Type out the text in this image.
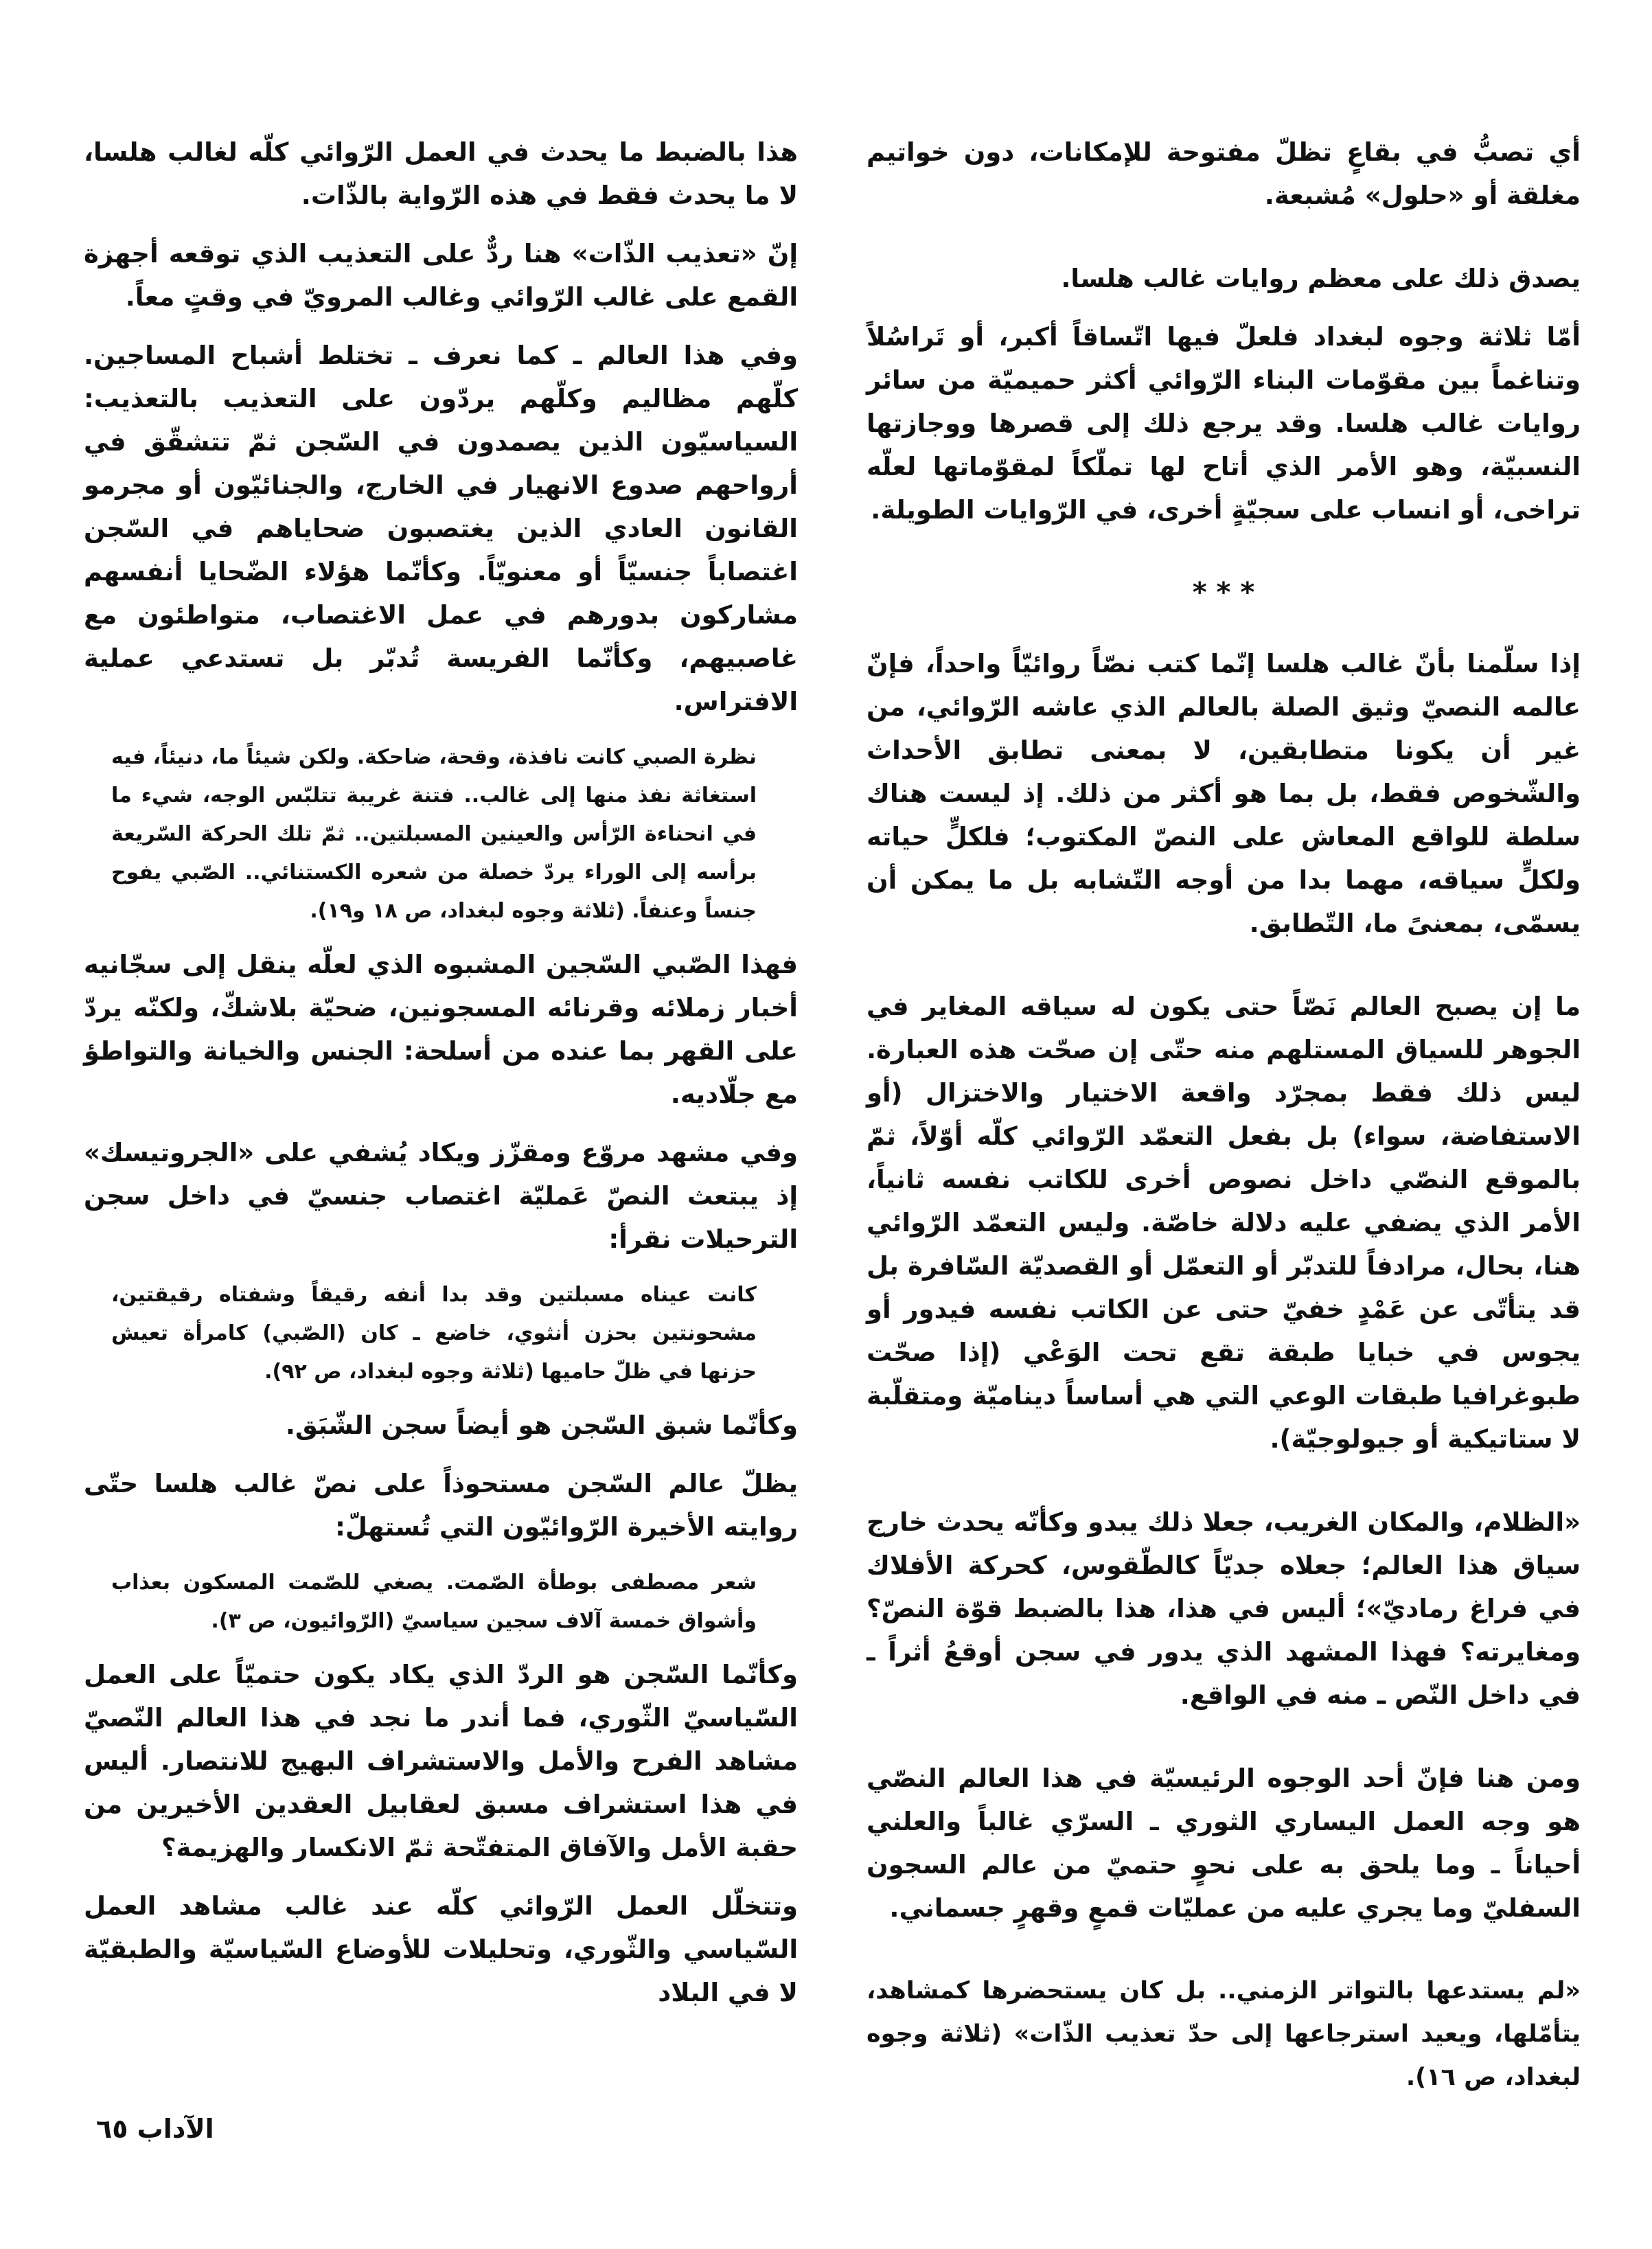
أي تصبُّ في بقاعٍ تظلّ مفتوحة للإمكانات، دون خواتيم مغلقة أو «حلول» مُشبعة.

يصدق ذلك على معظم روايات غالب هلسا.

أمّا ثلاثة وجوه لبغداد فلعلّ فيها اتّساقاً أكبر، أو تَراسُلاً وتناغماً بين مقوّمات البناء الرّوائي أكثر حميميّة من سائر روايات غالب هلسا. وقد يرجع ذلك إلى قصرها ووجازتها النسبيّة، وهو الأمر الذي أتاح لها تملّكاً لمقوّماتها لعلّه تراخى، أو انساب على سجيّةٍ أخرى، في الرّوايات الطويلة.

* * *

إذا سلّمنا بأنّ غالب هلسا إنّما كتب نصّاً روائيّاً واحداً، فإنّ عالمه النصيّ وثيق الصلة بالعالم الذي عاشه الرّوائي، من غير أن يكونا متطابقين، لا بمعنى تطابق الأحداث والشّخوص فقط، بل بما هو أكثر من ذلك. إذ ليست هناك سلطة للواقع المعاش على النصّ المكتوب؛ فلكلٍّ حياته ولكلٍّ سياقه، مهما بدا من أوجه التّشابه بل ما يمكن أن يسمّى، بمعنىً ما، التّطابق.

ما إن يصبح العالم نَصّاً حتى يكون له سياقه المغاير في الجوهر للسياق المستلهم منه حتّى إن صحّت هذه العبارة. ليس ذلك فقط بمجرّد واقعة الاختيار والاختزال (أو الاستفاضة، سواء) بل بفعل التعمّد الرّوائي كلّه أوّلاً، ثمّ بالموقع النصّي داخل نصوص أخرى للكاتب نفسه ثانياً، الأمر الذي يضفي عليه دلالة خاصّة. وليس التعمّد الرّوائي هنا، بحال، مرادفاً للتدبّر أو التعمّل أو القصديّة السّافرة بل قد يتأتّى عن عَمْدٍ خفيّ حتى عن الكاتب نفسه فيدور أو يجوس في خبايا طبقة تقع تحت الوَعْي (إذا صحّت طبوغرافيا طبقات الوعي التي هي أساساً ديناميّة ومتقلّبة لا ستاتيكية أو جيولوجيّة).

«الظلام، والمكان الغريب، جعلا ذلك يبدو وكأنّه يحدث خارج سياق هذا العالم؛ جعلاه جديّاً كالطّقوس، كحركة الأفلاك في فراغ رماديّ»؛ أليس في هذا، هذا بالضبط قوّة النصّ؟ ومغايرته؟ فهذا المشهد الذي يدور في سجن أوقعُ أثراً ـ في داخل النّص ـ منه في الواقع.

ومن هنا فإنّ أحد الوجوه الرئيسيّة في هذا العالم النصّي هو وجه العمل اليساري الثوري ـ السرّي غالباً والعلني أحياناً ـ وما يلحق به على نحوٍ حتميّ من عالم السجون السفليّ وما يجري عليه من عمليّات قمعٍ وقهرٍ جسماني.

«لم يستدعها بالتواتر الزمني.. بل كان يستحضرها كمشاهد، يتأمّلها، ويعيد استرجاعها إلى حدّ تعذيب الذّات» (ثلاثة وجوه لبغداد، ص ١٦).

هذا بالضبط ما يحدث في العمل الرّوائي كلّه لغالب هلسا، لا ما يحدث فقط في هذه الرّواية بالذّات.

إنّ «تعذيب الذّات» هنا ردٌّ على التعذيب الذي توقعه أجهزة القمع على غالب الرّوائي وغالب المرويّ في وقتٍ معاً.

وفي هذا العالم ـ كما نعرف ـ تختلط أشباح المساجين. كلّهم مظاليم وكلّهم يردّون على التعذيب بالتعذيب: السياسيّون الذين يصمدون في السّجن ثمّ تتشقّق في أرواحهم صدوع الانهيار في الخارج، والجنائيّون أو مجرمو القانون العادي الذين يغتصبون ضحاياهم في السّجن اغتصاباً جنسيّاً أو معنويّاً. وكأنّما هؤلاء الضّحايا أنفسهم مشاركون بدورهم في عمل الاغتصاب، متواطئون مع غاصبيهم، وكأنّما الفريسة تُدبّر بل تستدعي عملية الافتراس.

نظرة الصبي كانت نافذة، وقحة، ضاحكة. ولكن شيئاً ما، دنيئاً، فيه استغاثة نفذ منها إلى غالب.. فتنة غريبة تتلبّس الوجه، شيء ما في انحناءة الرّأس والعينين المسبلتين.. ثمّ تلك الحركة السّريعة برأسه إلى الوراء يردّ خصلة من شعره الكستنائي.. الصّبي يفوح جنساً وعنفاً. (ثلاثة وجوه لبغداد، ص ١٨ و١٩).

فهذا الصّبي السّجين المشبوه الذي لعلّه ينقل إلى سجّانيه أخبار زملائه وقرنائه المسجونين، ضحيّة بلاشكّ، ولكنّه يردّ على القهر بما عنده من أسلحة: الجنس والخيانة والتواطؤ مع جلّاديه.

وفي مشهد مروّع ومقزّز ويكاد يُشفي على «الجروتيسك» إذ يبتعث النصّ عَمليّة اغتصاب جنسيّ في داخل سجن الترحيلات نقرأ:

كانت عيناه مسبلتين وقد بدا أنفه رقيقاً وشفتاه رقيقتين، مشحونتين بحزن أنثوي، خاضع ـ كان (الصّبي) كامرأة تعيش حزنها في ظلّ حاميها (ثلاثة وجوه لبغداد، ص ٩٢).

وكأنّما شبق السّجن هو أيضاً سجن الشّبَق.

يظلّ عالم السّجن مستحوذاً على نصّ غالب هلسا حتّى روايته الأخيرة الرّوائيّون التي تُستهلّ:

شعر مصطفى بوطأة الصّمت. يصغي للصّمت المسكون بعذاب وأشواق خمسة آلاف سجين سياسيّ (الرّوائيون، ص ٣).

وكأنّما السّجن هو الردّ الذي يكاد يكون حتميّاً على العمل السّياسيّ الثّوري، فما أندر ما نجد في هذا العالم النّصيّ مشاهد الفرح والأمل والاستشراف البهيج للانتصار. أليس في هذا استشراف مسبق لعقابيل العقدين الأخيرين من حقبة الأمل والآفاق المتفتّحة ثمّ الانكسار والهزيمة؟

وتتخلّل العمل الرّوائي كلّه عند غالب مشاهد العمل السّياسي والثّوري، وتحليلات للأوضاع السّياسيّة والطبقيّة لا في البلاد

الآداب ٦٥
